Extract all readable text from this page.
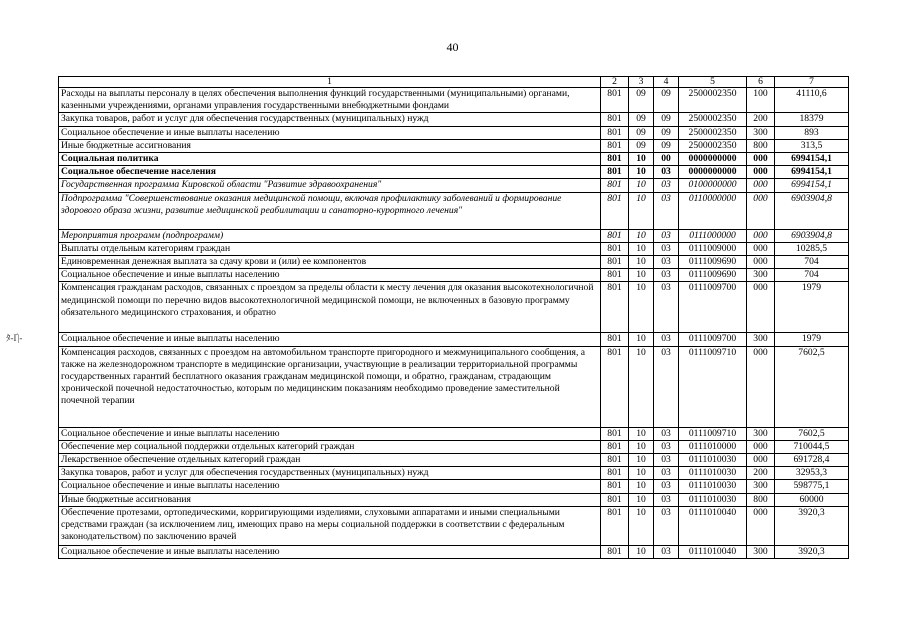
40
ﾀ‑Ґ|‑
1	2	3	4	5	6	7
Расходы на выплаты персоналу в целях обеспечения выполнения функций государственными (муниципальными) органами, казенными учреждениями, органами управления государственными внебюджетными фондами	801	09	09	2500002350	100	41110,6
Закупка товаров, работ и услуг для обеспечения государственных (муниципальных) нужд	801	09	09	2500002350	200	18379
Социальное обеспечение и иные выплаты населению	801	09	09	2500002350	300	893
Иные бюджетные ассигнования	801	09	09	2500002350	800	313,5
Социальная политика	801	10	00	0000000000	000	6994154,1
Социальное обеспечение населения	801	10	03	0000000000	000	6994154,1
Государственная программа Кировской области "Развитие здравоохранения"	801	10	03	0100000000	000	6994154,1
Подпрограмма "Совершенствование оказания медицинской помощи, включая профилактику заболеваний и формирование здорового образа жизни, развитие медицинской реабилитации и санаторно-курортного лечения"	801	10	03	0110000000	000	6903904,8
Мероприятия программ (подпрограмм)	801	10	03	0111000000	000	6903904,8
Выплаты отдельным категориям граждан	801	10	03	0111009000	000	10285,5
Единовременная денежная выплата за сдачу крови и (или) ее компонентов	801	10	03	0111009690	000	704
Социальное обеспечение и иные выплаты населению	801	10	03	0111009690	300	704
Компенсация гражданам расходов, связанных с проездом за пределы области к месту лечения для оказания высокотехнологичной медицинской помощи по перечню видов высокотехнологичной медицинской помощи, не включенных в базовую программу обязательного медицинского страхования, и обратно	801	10	03	0111009700	000	1979
Социальное обеспечение и иные выплаты населению	801	10	03	0111009700	300	1979
Компенсация расходов, связанных с проездом на автомобильном транспорте пригородного и межмуниципального сообщения, а также на железнодорожном транспорте в медицинские организации, участвующие в реализации территориальной программы государственных гарантий бесплатного оказания гражданам медицинской помощи, и обратно, гражданам, страдающим хронической почечной недостаточностью, которым по медицинским показаниям необходимо проведение заместительной почечной терапии	801	10	03	0111009710	000	7602,5
Социальное обеспечение и иные выплаты населению	801	10	03	0111009710	300	7602,5
Обеспечение мер социальной поддержки отдельных категорий граждан	801	10	03	0111010000	000	710044,5
Лекарственное обеспечение отдельных категорий граждан	801	10	03	0111010030	000	691728,4
Закупка товаров, работ и услуг для обеспечения государственных (муниципальных) нужд	801	10	03	0111010030	200	32953,3
Социальное обеспечение и иные выплаты населению	801	10	03	0111010030	300	598775,1
Иные бюджетные ассигнования	801	10	03	0111010030	800	60000
Обеспечение протезами, ортопедическими, корригирующими изделиями, слуховыми аппаратами и иными специальными средствами граждан (за исключением лиц, имеющих право на меры социальной поддержки в соответствии с федеральным законодательством) по заключению врачей	801	10	03	0111010040	000	3920,3
Социальное обеспечение и иные выплаты населению	801	10	03	0111010040	300	3920,3
